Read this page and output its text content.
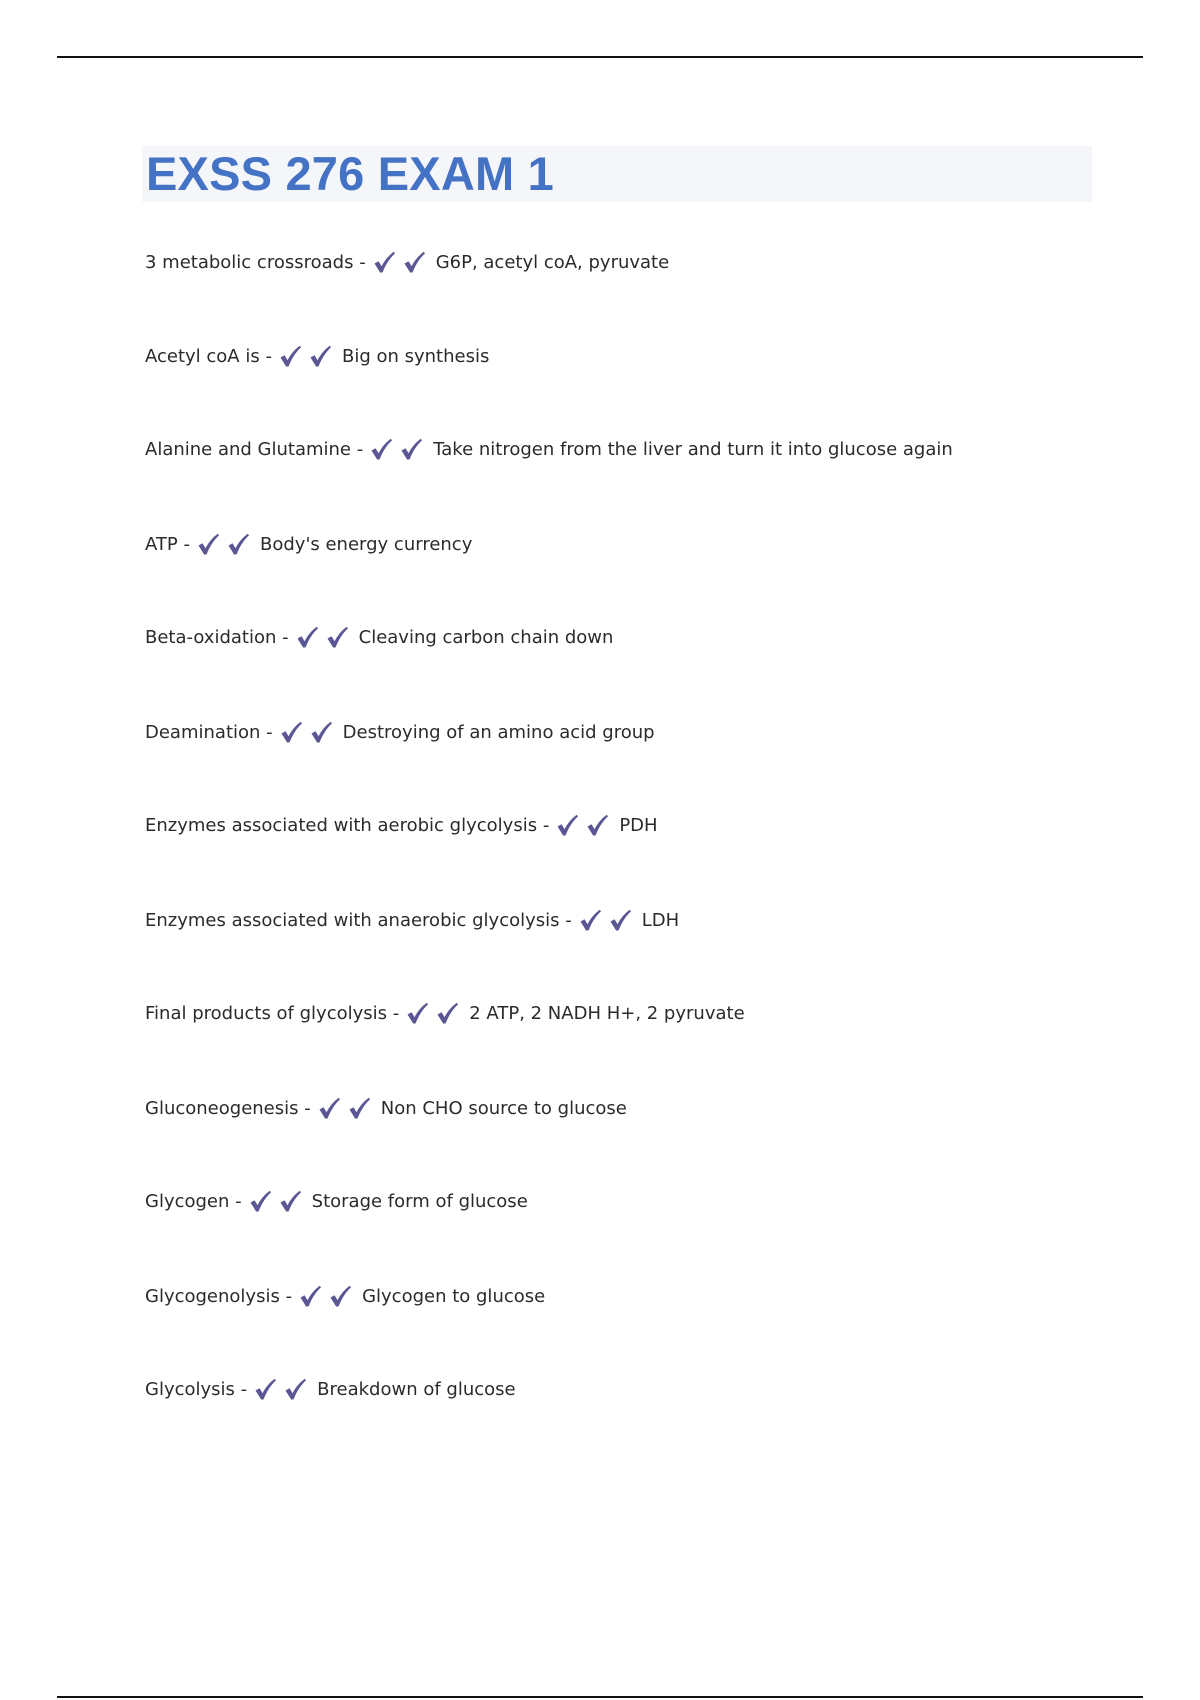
EXSS 276 EXAM 1
3 metabolic crossroads
-	G6P, acetyl coA, pyruvate
Acetyl coA is
-	Big on synthesis
Alanine and Glutamine
-	Take nitrogen from the liver and turn it into glucose again
ATP
-	Body's energy currency
Beta-oxidation
-	Cleaving carbon chain down
Deamination
-	Destroying of an amino acid group
Enzymes associated with aerobic glycolysis
-	PDH
Enzymes associated with anaerobic glycolysis
-	LDH
Final products of glycolysis
-	2 ATP, 2 NADH H+, 2 pyruvate
Gluconeogenesis
-	Non CHO source to glucose
Glycogen
-	Storage form of glucose
Glycogenolysis
-	Glycogen to glucose
Glycolysis
-	Breakdown of glucose
